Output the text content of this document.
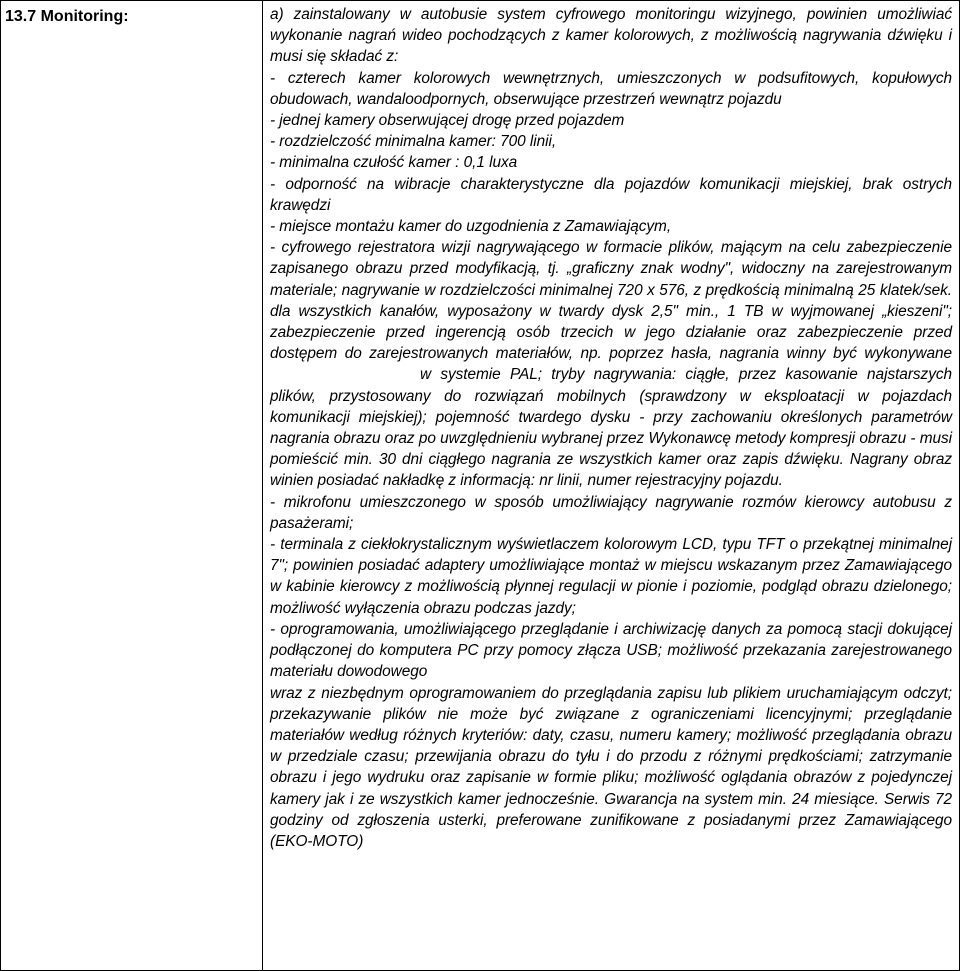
13.7 Monitoring:	a) zainstalowany w autobusie system cyfrowego monitoringu wizyjnego, powinien umożliwiać wykonanie nagrań wideo pochodzących z kamer kolorowych, z możliwością nagrywania dźwięku i musi się składać z:

- czterech kamer kolorowych wewnętrznych, umieszczonych w podsufitowych, kopułowych obudowach, wandaloodpornych, obserwujące przestrzeń wewnątrz pojazdu

- jednej kamery obserwującej drogę przed pojazdem

- rozdzielczość minimalna kamer: 700 linii,

- minimalna czułość kamer : 0,1 luxa

- odporność na wibracje charakterystyczne dla pojazdów komunikacji miejskiej, brak ostrych krawędzi

- miejsce montażu kamer do uzgodnienia z Zamawiającym,

- cyfrowego rejestratora wizji nagrywającego w formacie plików, mającym na celu zabezpieczenie zapisanego obrazu przed modyfikacją, tj. „graficzny znak wodny", widoczny na zarejestrowanym materiale; nagrywanie w rozdzielczości minimalnej 720 x 576, z prędkością minimalną 25 klatek/sek. dla wszystkich kanałów, wyposażony w twardy dysk 2,5" min., 1 TB w wyjmowanej „kieszeni"; zabezpieczenie przed ingerencją osób trzecich w jego działanie oraz zabezpieczenie przed dostępem do zarejestrowanych materiałów, np. poprzez hasła, nagrania winny być wykonywanew systemie PAL; tryby nagrywania: ciągłe, przez kasowanie najstarszych plików, przystosowany do rozwiązań mobilnych (sprawdzony w eksploatacji w pojazdach komunikacji miejskiej); pojemność twardego dysku - przy zachowaniu określonych parametrów nagrania obrazu oraz po uwzględnieniu wybranej przez Wykonawcę metody kompresji obrazu - musi pomieścić min. 30 dni ciągłego nagrania ze wszystkich kamer oraz zapis dźwięku. Nagrany obraz winien posiadać nakładkę z informacją: nr linii, numer rejestracyjny pojazdu.

- mikrofonu umieszczonego w sposób umożliwiający nagrywanie rozmów kierowcy autobusu z pasażerami;

- terminala z ciekłokrystalicznym wyświetlaczem kolorowym LCD, typu TFT o przekątnej minimalnej 7"; powinien posiadać adaptery umożliwiające montaż w miejscu wskazanym przez Zamawiającego w kabinie kierowcy z możliwością płynnej regulacji w pionie i poziomie, podgląd obrazu dzielonego; możliwość wyłączenia obrazu podczas jazdy;

- oprogramowania, umożliwiającego przeglądanie i archiwizację danych za pomocą stacji dokującej podłączonej do komputera PC przy pomocy złącza USB; możliwość przekazania zarejestrowanego materiału dowodowego

wraz z niezbędnym oprogramowaniem do przeglądania zapisu lub plikiem uruchamiającym odczyt; przekazywanie plików nie może być związane z ograniczeniami licencyjnymi; przeglądanie materiałów według różnych kryteriów: daty, czasu, numeru kamery; możliwość przeglądania obrazu w przedziale czasu; przewijania obrazu do tyłu i do przodu z różnymi prędkościami; zatrzymanie obrazu i jego wydruku oraz zapisanie w formie pliku; możliwość oglądania obrazów z pojedynczej kamery jak i ze wszystkich kamer jednocześnie. Gwarancja na system min. 24 miesiące. Serwis 72 godziny od zgłoszenia usterki, preferowane zunifikowane z posiadanymi przez Zamawiającego (EKO-MOTO)
